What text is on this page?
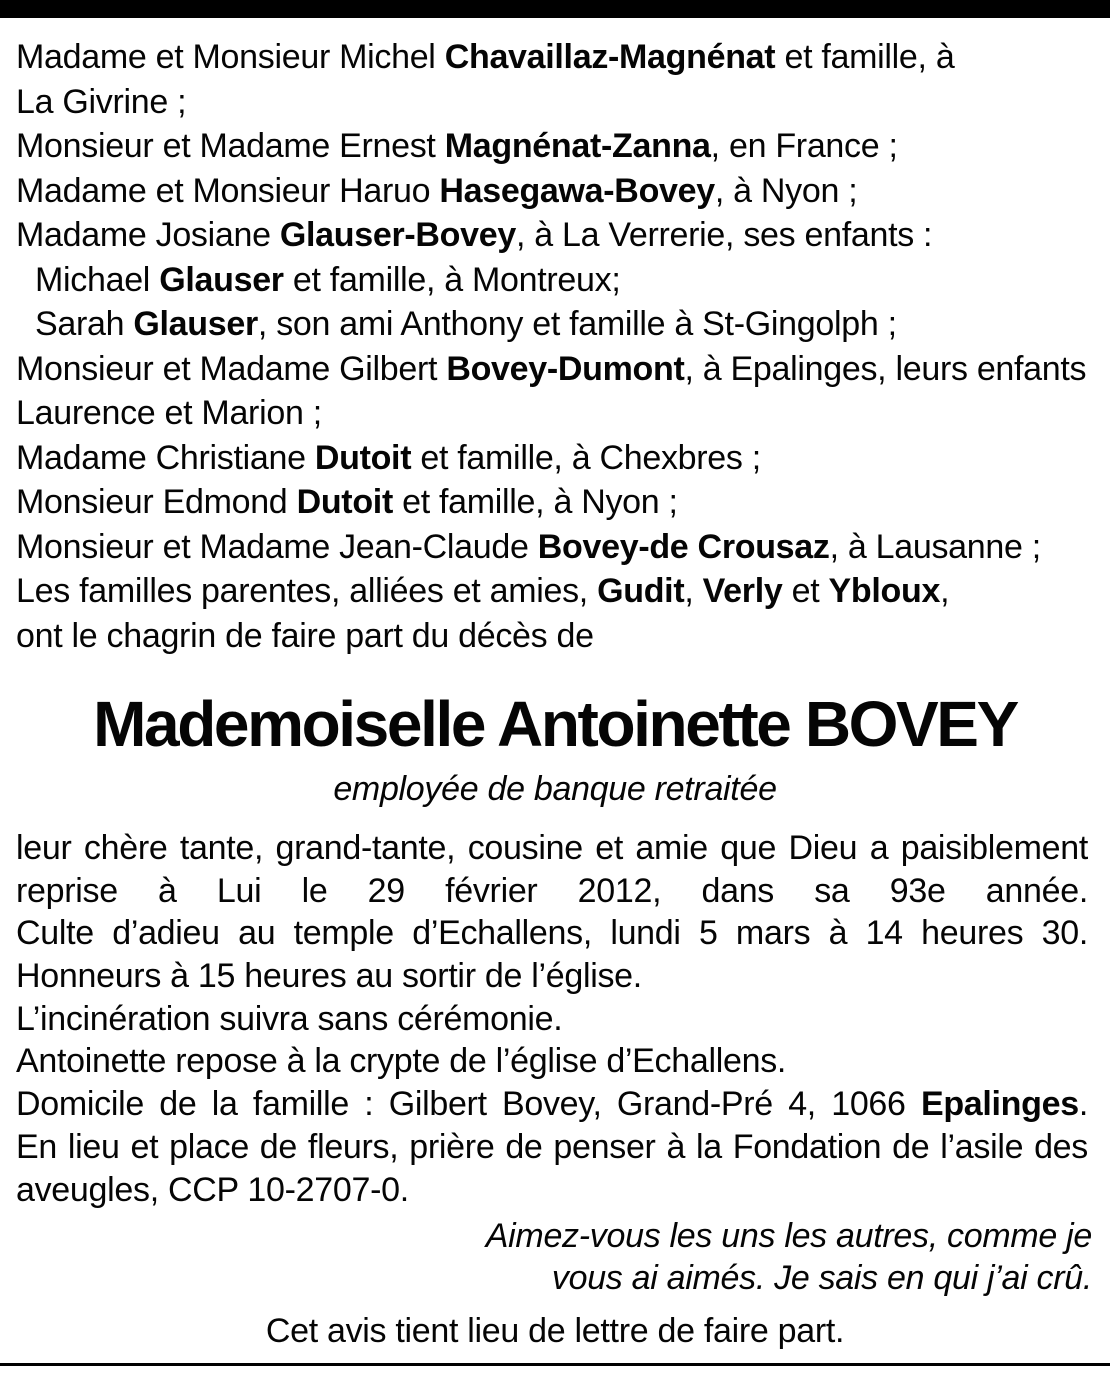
Madame et Monsieur Michel Chavaillaz-Magnénat et famille, à
La Givrine ;
Monsieur et Madame Ernest Magnénat-Zanna, en France ;
Madame et Monsieur Haruo Hasegawa-Bovey, à Nyon ;
Madame Josiane Glauser-Bovey, à La Verrerie, ses enfants :
Michael Glauser et famille, à Montreux;
Sarah Glauser, son ami Anthony et famille à St-Gingolph ;
Monsieur et Madame Gilbert Bovey-Dumont, à Epalinges, leurs enfants
Laurence et Marion ;
Madame Christiane Dutoit et famille, à Chexbres ;
Monsieur Edmond Dutoit et famille, à Nyon ;
Monsieur et Madame Jean-Claude Bovey-de Crousaz, à Lausanne ;
Les familles parentes, alliées et amies, Gudit, Verly et Ybloux,
ont le chagrin de faire part du décès de
Mademoiselle Antoinette BOVEY
employée de banque retraitée
leur chère tante, grand-tante, cousine et amie que Dieu a paisiblement
reprise à Lui le 29 février 2012, dans sa 93e année.
Culte d’adieu au temple d’Echallens, lundi 5 mars à 14 heures 30.
Honneurs à 15 heures au sortir de l’église.
L’incinération suivra sans cérémonie.
Antoinette repose à la crypte de l’église d’Echallens.
Domicile de la famille : Gilbert Bovey, Grand-Pré 4, 1066 Epalinges.
En lieu et place de fleurs, prière de penser à la Fondation de l’asile des
aveugles, CCP 10-2707-0.
Aimez-vous les uns les autres, comme je
vous ai aimés. Je sais en qui j’ai crû.
Cet avis tient lieu de lettre de faire part.
